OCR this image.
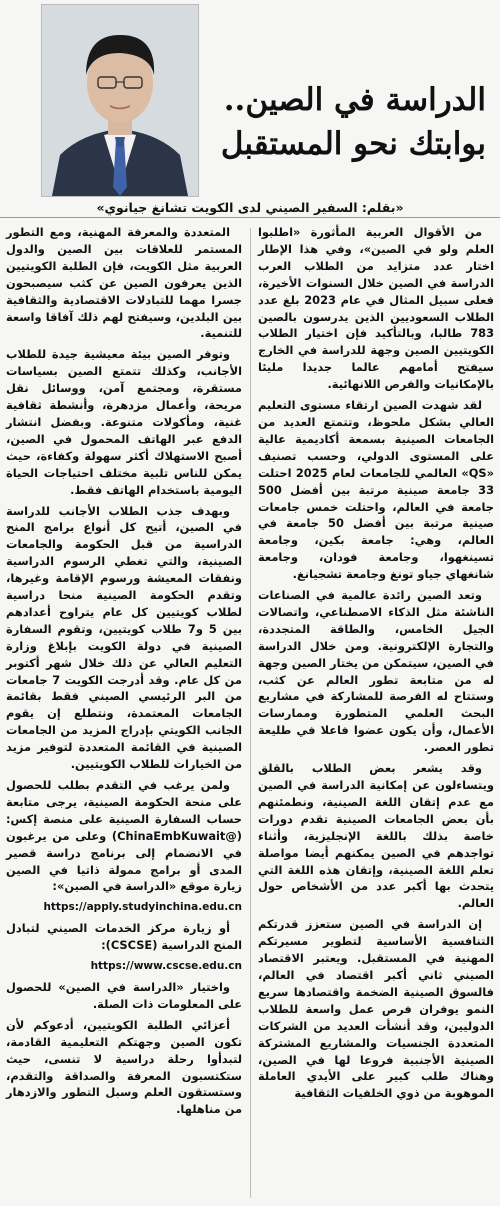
الدراسة في الصين..
بوابتك نحو المستقبل
«بقلم: السفير الصيني لدى الكويت تشانغ جيانوي»

من الأقوال العربية المأثورة «اطلبوا العلم ولو في الصين»، وفي هذا الإطار اختار عدد متزايد من الطلاب العرب الدراسة في الصين خلال السنوات الأخيرة، فعلى سبيل المثال في عام 2023 بلغ عدد الطلاب السعوديين الذين يدرسون بالصين 783 طالبا، وبالتأكيد فإن اختيار الطلاب الكويتيين الصين وجهة للدراسة في الخارج سيفتح أمامهم عالما جديدا مليئا بالإمكانيات والفرص اللانهائية.

لقد شهدت الصين ارتقاء مستوى التعليم العالي بشكل ملحوظ، وتتمتع العديد من الجامعات الصينية بسمعة أكاديمية عالية على المستوى الدولي، وحسب تصنيف «QS» العالمي للجامعات لعام 2025 احتلت 33 جامعة صينية مرتبة بين أفضل 500 جامعة في العالم، واحتلت خمس جامعات صينية مرتبة بين أفضل 50 جامعة في العالم، وهي: جامعة بكين، وجامعة تسينغهوا، وجامعة فودان، وجامعة شانغهاي جياو تونغ وجامعة تشجيانغ.

وتعد الصين رائدة عالمية في الصناعات الناشئة مثل الذكاء الاصطناعي، واتصالات الجيل الخامس، والطاقة المتجددة، والتجارة الإلكترونية. ومن خلال الدراسة في الصين، سيتمكن من يختار الصين وجهة له من متابعة تطور العالم عن كثب، وستتاح له الفرصة للمشاركة في مشاريع البحث العلمي المتطورة وممارسات الأعمال، وأن يكون عضوا فاعلا في طليعة تطور العصر.

وقد يشعر بعض الطلاب بالقلق ويتساءلون عن إمكانية الدراسة في الصين مع عدم إتقان اللغة الصينية، ونطمئنهم بأن بعض الجامعات الصينية تقدم دورات خاصة بذلك باللغة الإنجليزية، وأثناء تواجدهم في الصين يمكنهم أيضا مواصلة تعلم اللغة الصينية، وإتقان هذه اللغة التي يتحدث بها أكبر عدد من الأشخاص حول العالم.

إن الدراسة في الصين ستعزز قدرتكم التنافسية الأساسية لتطوير مسيرتكم المهنية في المستقبل. ويعتبر الاقتصاد الصيني ثاني أكبر اقتصاد في العالم، فالسوق الصينية الضخمة واقتصادها سريع النمو يوفران فرص عمل واسعة للطلاب الدوليين، وقد أنشأت العديد من الشركات المتعددة الجنسيات والمشاريع المشتركة الصينية الأجنبية فروعا لها في الصين، وهناك طلب كبير على الأيدي العاملة الموهوبة من ذوي الخلفيات الثقافية

المتعددة والمعرفة المهنية، ومع التطور المستمر للعلاقات بين الصين والدول العربية مثل الكويت، فإن الطلبة الكويتيين الذين يعرفون الصين عن كثب سيصبحون جسرا مهما للتبادلات الاقتصادية والثقافية بين البلدين، وسيفتح لهم ذلك آفاقا واسعة للتنمية.

وتوفر الصين بيئة معيشية جيدة للطلاب الأجانب، وكذلك تتمتع الصين بسياسات مستقرة، ومجتمع آمن، ووسائل نقل مريحة، وأعمال مزدهرة، وأنشطة ثقافية غنية، ومأكولات متنوعة. وبفضل انتشار الدفع عبر الهاتف المحمول في الصين، أصبح الاستهلاك أكثر سهولة وكفاءة، حيث يمكن للناس تلبية مختلف احتياجات الحياة اليومية باستخدام الهاتف فقط.

وبهدف جذب الطلاب الأجانب للدراسة في الصين، أتيح كل أنواع برامج المنح الدراسية من قبل الحكومة والجامعات الصينية، والتي تغطي الرسوم الدراسية ونفقات المعيشة ورسوم الإقامة وغيرها، وتقدم الحكومة الصينية منحا دراسية لطلاب كويتيين كل عام يتراوح أعدادهم بين 5 و7 طلاب كويتيين، وتقوم السفارة الصينية في دولة الكويت بإبلاغ وزارة التعليم العالي عن ذلك خلال شهر أكتوبر من كل عام. وقد أدرجت الكويت 7 جامعات من البر الرئيسي الصيني فقط بقائمة الجامعات المعتمدة، ونتطلع إن يقوم الجانب الكويتي بإدراج المزيد من الجامعات الصينية في القائمة المتعددة لتوفير مزيد من الخيارات للطلاب الكويتيين.

ولمن يرغب في التقدم بطلب للحصول على منحة الحكومة الصينية، يرجى متابعة حساب السفارة الصينية على منصة إكس: (@ChinaEmbKuwait) وعلى من يرغبون في الانضمام إلى برنامج دراسة قصير المدى أو برامج ممولة ذاتيا في الصين زيارة موقع «الدراسة في الصين»:

https://apply.studyinchina.edu.cn

أو زيارة مركز الخدمات الصيني لتبادل المنح الدراسية (CSCSE):

https://www.cscse.edu.cn

واختيار «الدراسة في الصين» للحصول على المعلومات ذات الصلة.

أعزائي الطلبة الكويتيين، أدعوكم لأن تكون الصين وجهتكم التعليمية القادمة، لتبدأوا رحلة دراسية لا تنسى، حيث ستكتسبون المعرفة والصداقة والتقدم، وستستقون العلم وسبل التطور والازدهار من مناهلها.
